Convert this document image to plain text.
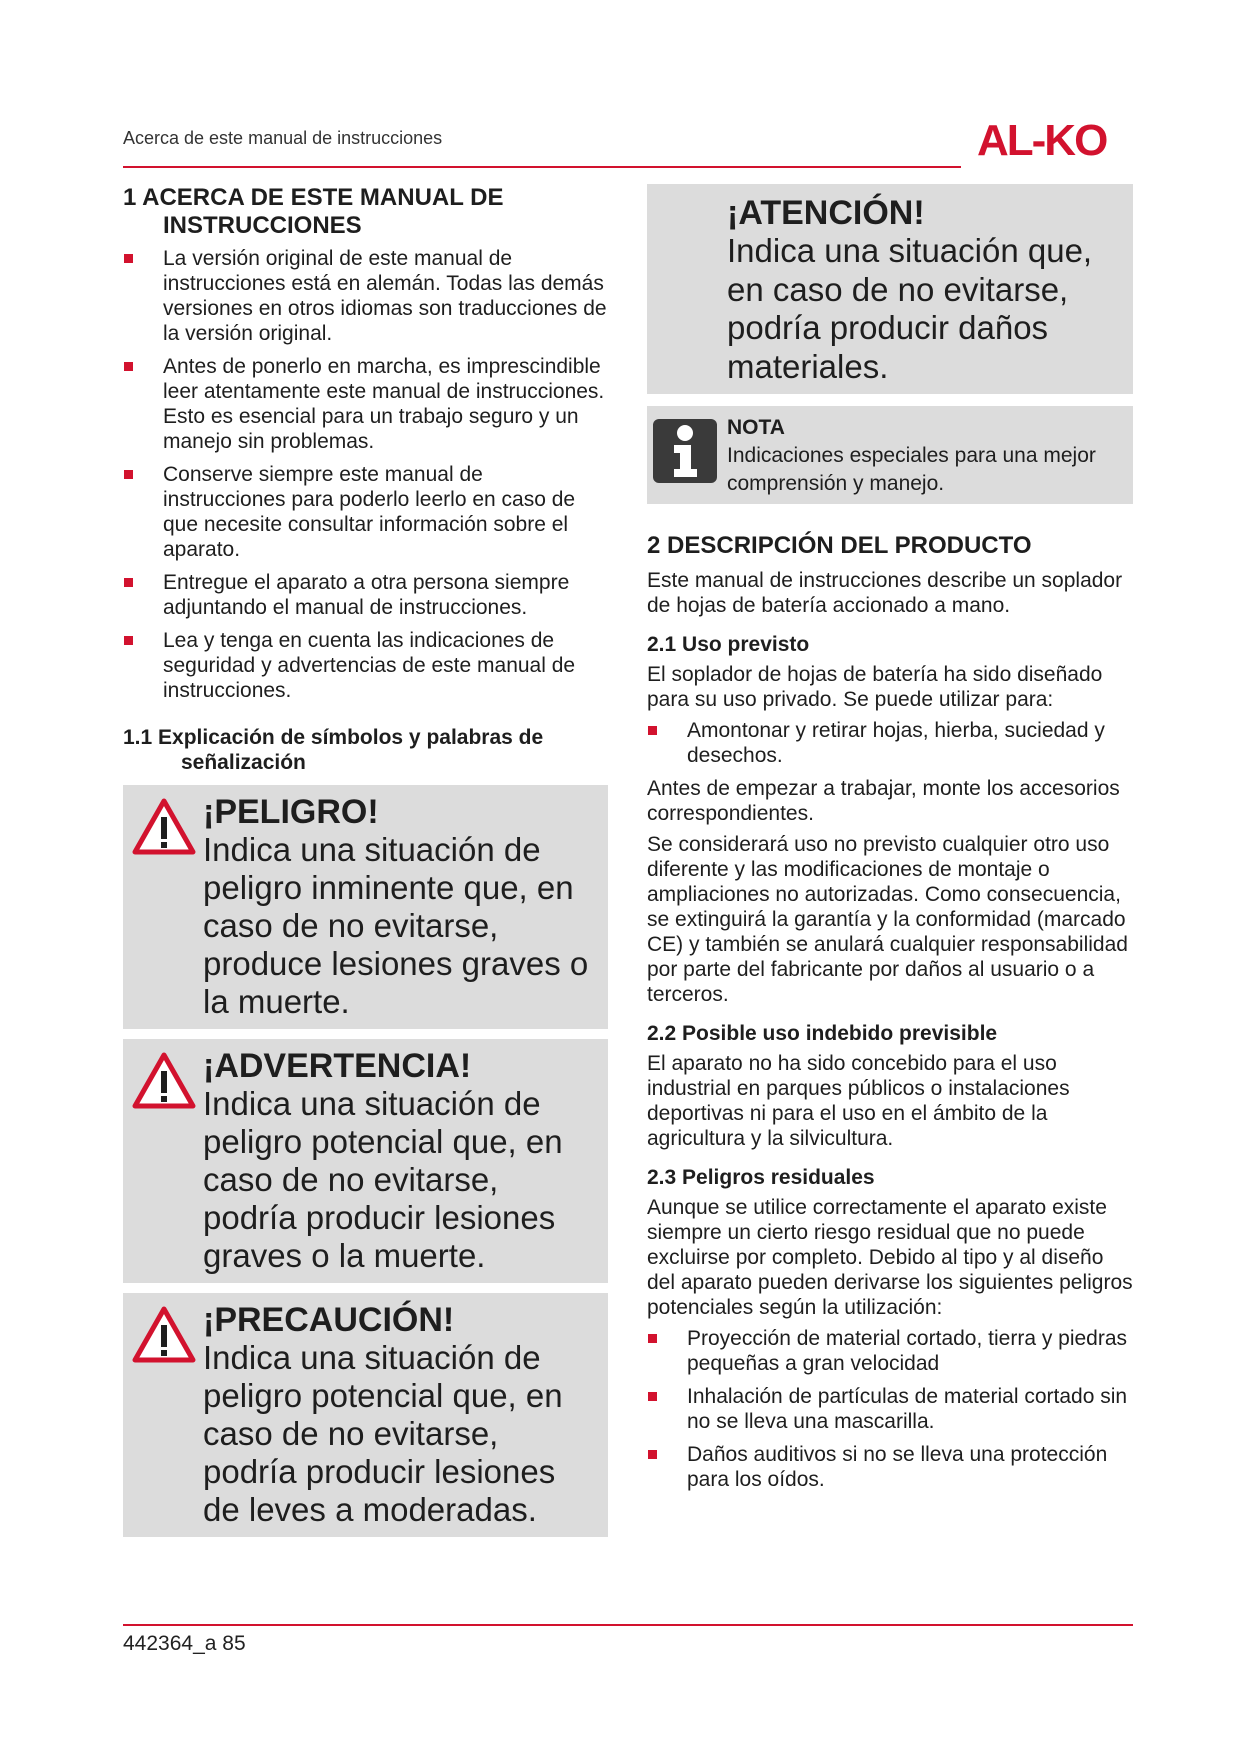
Acerca de este manual de instrucciones	AL-KO
1 ACERCA DE ESTE MANUAL DE INSTRUCCIONES
La versión original de este manual de instrucciones está en alemán. Todas las demás versiones en otros idiomas son traducciones de la versión original.
Antes de ponerlo en marcha, es imprescindible leer atentamente este manual de instrucciones. Esto es esencial para un trabajo seguro y un manejo sin problemas.
Conserve siempre este manual de instrucciones para poderlo leerlo en caso de que necesite consultar información sobre el aparato.
Entregue el aparato a otra persona siempre adjuntando el manual de instrucciones.
Lea y tenga en cuenta las indicaciones de seguridad y advertencias de este manual de instrucciones.
1.1 Explicación de símbolos y palabras de señalización
¡PELIGRO!
Indica una situación de peligro inminente que, en caso de no evitarse, produce lesiones graves o la muerte.
¡ADVERTENCIA!
Indica una situación de peligro potencial que, en caso de no evitarse, podría producir lesiones graves o la muerte.
¡PRECAUCIÓN!
Indica una situación de peligro potencial que, en caso de no evitarse, podría producir lesiones de leves a moderadas.
¡ATENCIÓN!
Indica una situación que, en caso de no evitarse, podría producir daños materiales.
NOTA
Indicaciones especiales para una mejor comprensión y manejo.
2 DESCRIPCIÓN DEL PRODUCTO
Este manual de instrucciones describe un soplador de hojas de batería accionado a mano.
2.1 Uso previsto
El soplador de hojas de batería ha sido diseñado para su uso privado. Se puede utilizar para:
Amontonar y retirar hojas, hierba, suciedad y desechos.
Antes de empezar a trabajar, monte los accesorios correspondientes.
Se considerará uso no previsto cualquier otro uso diferente y las modificaciones de montaje o ampliaciones no autorizadas. Como consecuencia, se extinguirá la garantía y la conformidad (marcado CE) y también se anulará cualquier responsabilidad por parte del fabricante por daños al usuario o a terceros.
2.2 Posible uso indebido previsible
El aparato no ha sido concebido para el uso industrial en parques públicos o instalaciones deportivas ni para el uso en el ámbito de la agricultura y la silvicultura.
2.3 Peligros residuales
Aunque se utilice correctamente el aparato existe siempre un cierto riesgo residual que no puede excluirse por completo. Debido al tipo y al diseño del aparato pueden derivarse los siguientes peligros potenciales según la utilización:
Proyección de material cortado, tierra y piedras pequeñas a gran velocidad
Inhalación de partículas de material cortado sin no se lleva una mascarilla.
Daños auditivos si no se lleva una protección para los oídos.
442364_a 85
